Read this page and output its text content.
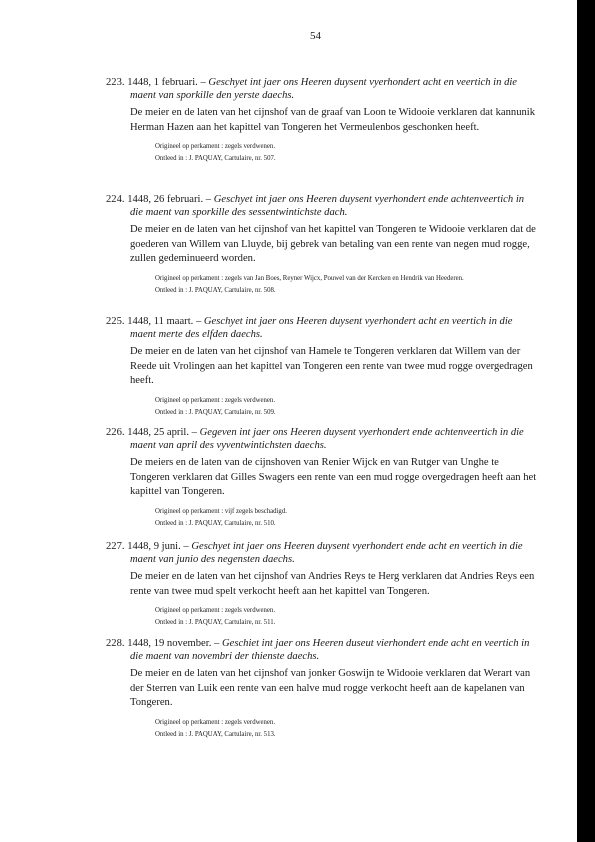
54
223. 1448, 1 februari. – Geschyet int jaer ons Heeren duysent vyerhondert acht en veertich in die maent van sporkille den yerste daechs.
De meier en de laten van het cijnshof van de graaf van Loon te Widooie verklaren dat kannunik Herman Hazen aan het kapittel van Tongeren het Vermeulenbos geschonken heeft.
Origineel op perkament : zegels verdwenen.
Ontleed in : J. PAQUAY, Cartulaire, nr. 507.
224. 1448, 26 februari. – Geschyet int jaer ons Heeren duysent vyerhondert ende achtenveertich in die maent van sporkille des sessentwintichste dach.
De meier en de laten van het cijnshof van het kapittel van Tongeren te Widooie verklaren dat de goederen van Willem van Lluyde, bij gebrek van betaling van een rente van negen mud rogge, zullen gedeminueerd worden.
Origineel op perkament : zegels van Jan Boes, Reyner Wijcx, Pouwel van der Kercken en Hendrik van Heederen.
Ontleed in : J. PAQUAY, Cartulaire, nr. 508.
225. 1448, 11 maart. – Geschyet int jaer ons Heeren duysent vyerhondert acht en veertich in die maent merte des elfden daechs.
De meier en de laten van het cijnshof van Hamele te Tongeren verklaren dat Willem van der Reede uit Vrolingen aan het kapittel van Tongeren een rente van twee mud rogge overgedragen heeft.
Origineel op perkament : zegels verdwenen.
Ontleed in : J. PAQUAY, Cartulaire, nr. 509.
226. 1448, 25 april. – Gegeven int jaer ons Heeren duysent vyerhondert ende achtenveertich in die maent van april des vyventwintichsten daechs.
De meiers en de laten van de cijnshoven van Renier Wijck en van Rutger van Unghe te Tongeren verklaren dat Gilles Swagers een rente van een mud rogge overgedragen heeft aan het kapittel van Tongeren.
Origineel op perkament : vijf zegels beschadigd.
Ontleed in : J. PAQUAY, Cartulaire, nr. 510.
227. 1448, 9 juni. – Geschyet int jaer ons Heeren duysent vyerhondert ende acht en veertich in die maent van junio des negensten daechs.
De meier en de laten van het cijnshof van Andries Reys te Herg verklaren dat Andries Reys een rente van twee mud spelt verkocht heeft aan het kapittel van Tongeren.
Origineel op perkament : zegels verdwenen.
Ontleed in : J. PAQUAY, Cartulaire, nr. 511.
228. 1448, 19 november. – Geschiet int jaer ons Heeren duseut vierhondert ende acht en veertich in die maent van novembri der thienste daechs.
De meier en de laten van het cijnshof van jonker Goswijn te Widooie verklaren dat Werart van der Sterren van Luik een rente van een halve mud rogge verkocht heeft aan de kapelanen van Tongeren.
Origineel op perkament : zegels verdwenen.
Ontleed in : J. PAQUAY, Cartulaire, nr. 513.
